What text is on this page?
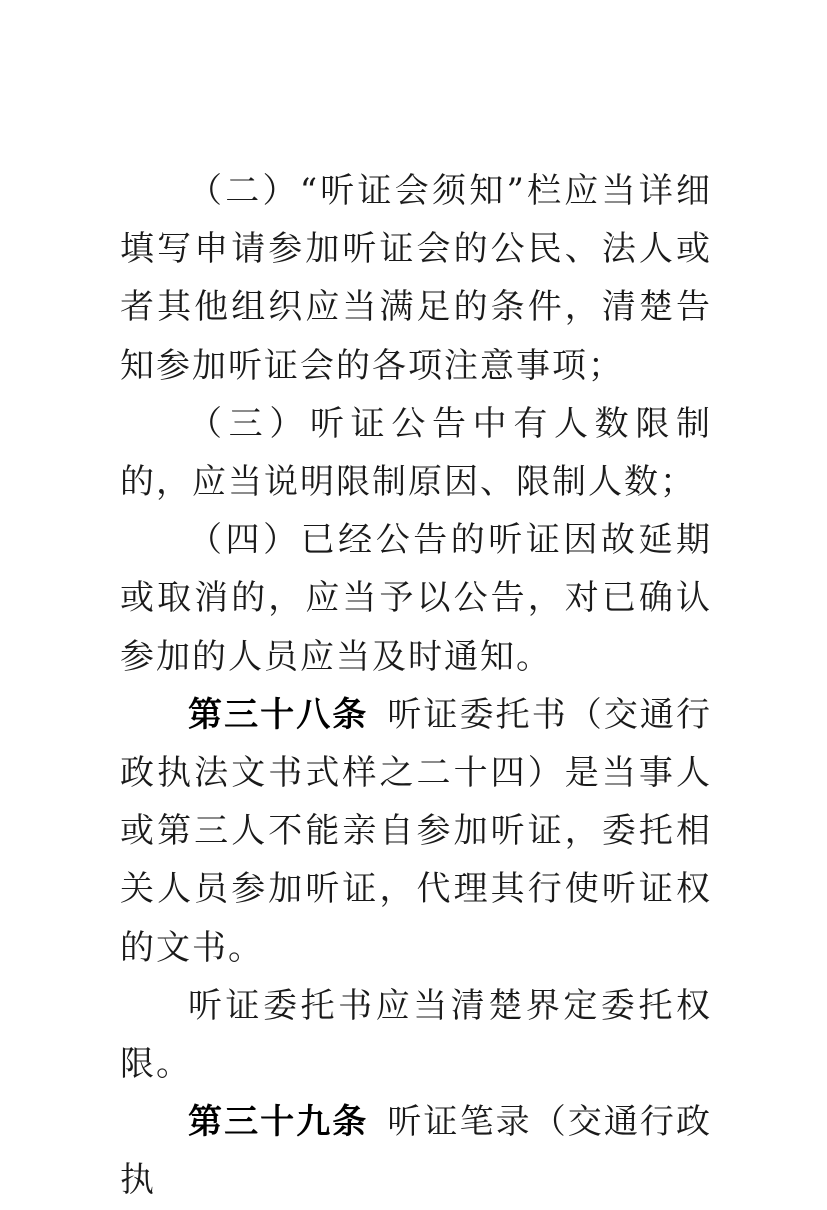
（二）“听证会须知”栏应当详细填写申请参加听证会的公民、法人或者其他组织应当满足的条件，清楚告知参加听证会的各项注意事项；

（三）听证公告中有人数限制的，应当说明限制原因、限制人数；

（四）已经公告的听证因故延期或取消的，应当予以公告，对已确认参加的人员应当及时通知。

第三十八条  听证委托书（交通行政执法文书式样之二十四）是当事人或第三人不能亲自参加听证，委托相关人员参加听证，代理其行使听证权的文书。

听证委托书应当清楚界定委托权限。

第三十九条  听证笔录（交通行政执
